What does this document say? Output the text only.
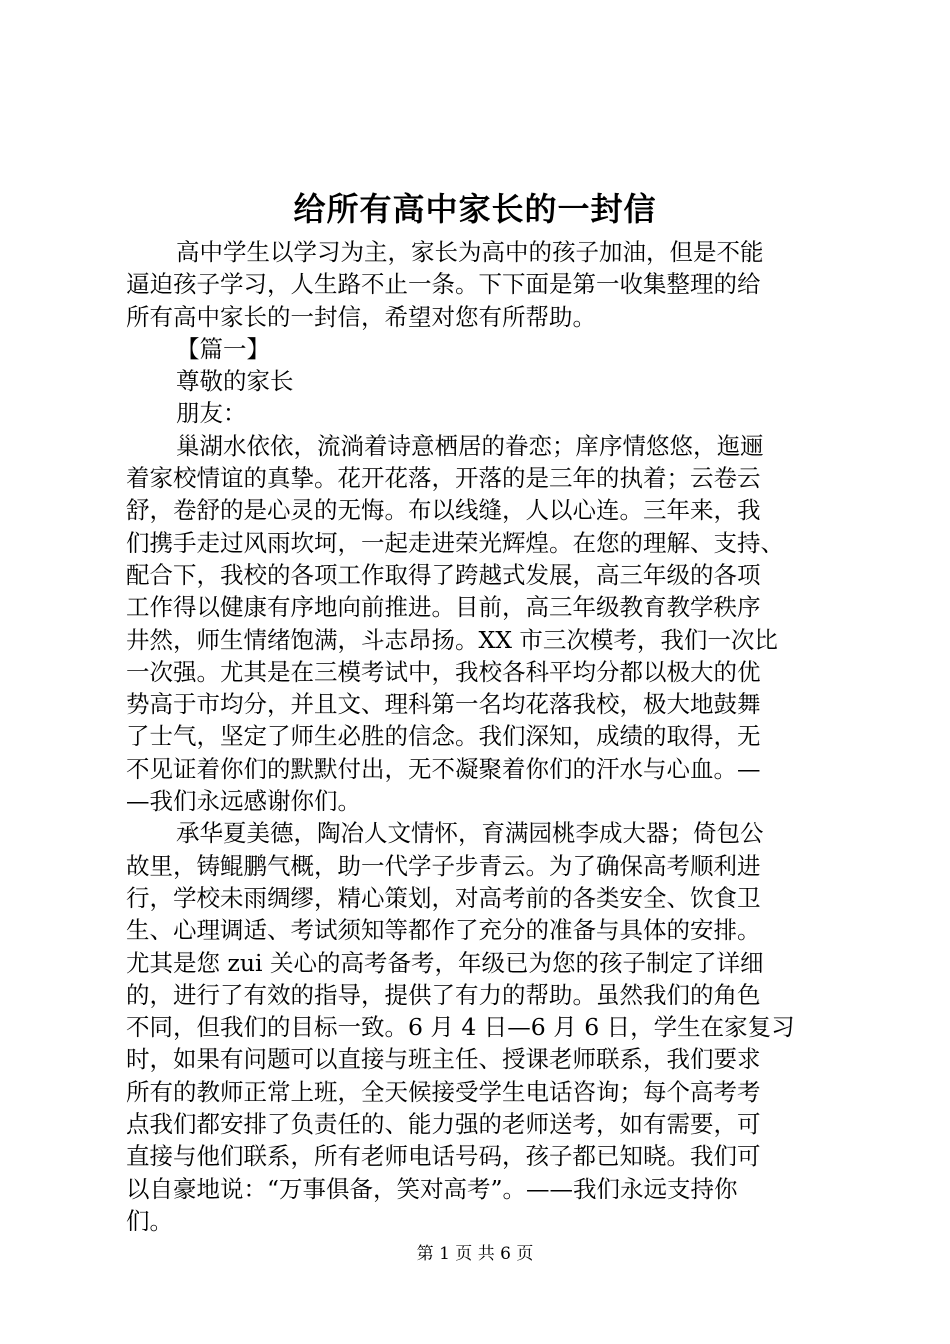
给所有高中家长的一封信
高中学生以学习为主，家长为高中的孩子加油，但是不能
逼迫孩子学习，人生路不止一条。下下面是第一收集整理的给
所有高中家长的一封信，希望对您有所帮助。
【篇一】
尊敬的家长
朋友：
巢湖水依依，流淌着诗意栖居的眷恋；庠序情悠悠，迤逦
着家校情谊的真挚。花开花落，开落的是三年的执着；云卷云
舒，卷舒的是心灵的无悔。布以线缝，人以心连。三年来，我
们携手走过风雨坎坷，一起走进荣光辉煌。在您的理解、支持、
配合下，我校的各项工作取得了跨越式发展，高三年级的各项
工作得以健康有序地向前推进。目前，高三年级教育教学秩序
井然，师生情绪饱满，斗志昂扬。XX 市三次模考，我们一次比
一次强。尤其是在三模考试中，我校各科平均分都以极大的优
势高于市均分，并且文、理科第一名均花落我校，极大地鼓舞
了士气，坚定了师生必胜的信念。我们深知，成绩的取得，无
不见证着你们的默默付出，无不凝聚着你们的汗水与心血。—
—我们永远感谢你们。
承华夏美德，陶冶人文情怀，育满园桃李成大器；倚包公
故里，铸鲲鹏气概，助一代学子步青云。为了确保高考顺利进
行，学校未雨绸缪，精心策划，对高考前的各类安全、饮食卫
生、心理调适、考试须知等都作了充分的准备与具体的安排。
尤其是您 zui 关心的高考备考，年级已为您的孩子制定了详细
的，进行了有效的指导，提供了有力的帮助。虽然我们的角色
不同，但我们的目标一致。6 月 4 日—6 月 6 日，学生在家复习
时，如果有问题可以直接与班主任、授课老师联系，我们要求
所有的教师正常上班，全天候接受学生电话咨询；每个高考考
点我们都安排了负责任的、能力强的老师送考，如有需要，可
直接与他们联系，所有老师电话号码，孩子都已知晓。我们可
以自豪地说：“万事俱备，笑对高考”。——我们永远支持你
们。
第 1 页 共 6 页
